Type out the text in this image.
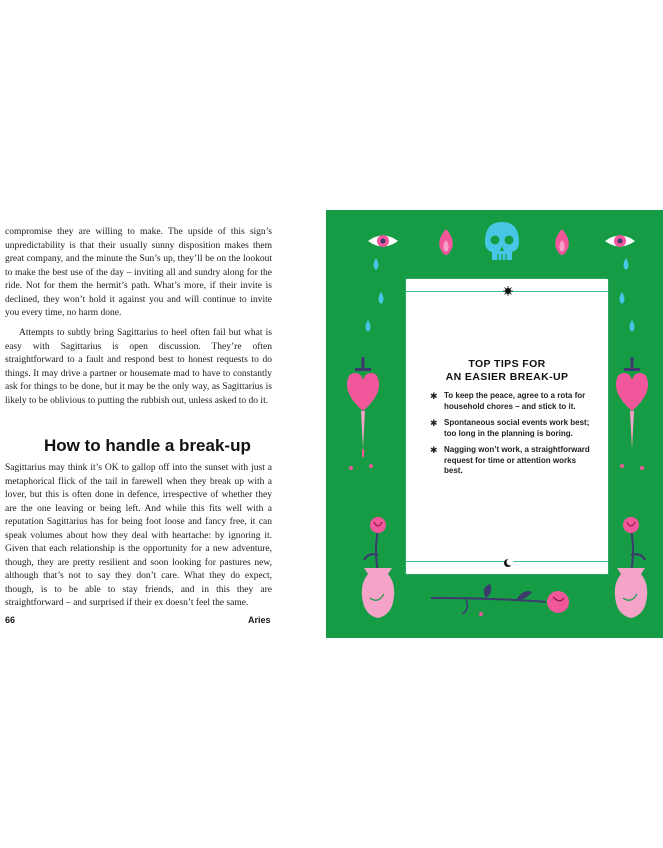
compromise they are willing to make. The upside of this sign’s unpredictability is that their usually sunny disposition makes them great company, and the minute the Sun’s up, they’ll be on the lookout to make the best use of the day – inviting all and sundry along for the ride. Not for them the hermit’s path. What’s more, if their invite is declined, they won’t hold it against you and will continue to invite you every time, no harm done.

Attempts to subtly bring Sagittarius to heel often fail but what is easy with Sagittarius is open discussion. They’re often straightforward to a fault and respond best to honest requests to do things. It may drive a partner or housemate mad to have to constantly ask for things to be done, but it may be the only way, as Sagittarius is likely to be oblivious to putting the rubbish out, unless asked to do it.

How to handle a break-up

Sagittarius may think it’s OK to gallop off into the sunset with just a metaphorical flick of the tail in farewell when they break up with a lover, but this is often done in defence, irrespective of whether they are the one leaving or being left. And while this fits well with a reputation Sagittarius has for being foot loose and fancy free, it can speak volumes about how they deal with heartache: by ignoring it. Given that each relationship is the opportunity for a new adventure, though, they are pretty resilient and soon looking for pastures new, although that’s not to say they don’t care. What they do expect, though, is to be able to stay friends, and in this they are straightforward – and surprised if their ex doesn’t feel the same.

66	Aries
TOP TIPS FOR
AN EASIER BREAK-UP
✱ To keep the peace, agree to a rota for household chores – and stick to it.
✱ Spontaneous social events work best; too long in the planning is boring.
✱ Nagging won’t work, a straightforward request for time or attention works best.
